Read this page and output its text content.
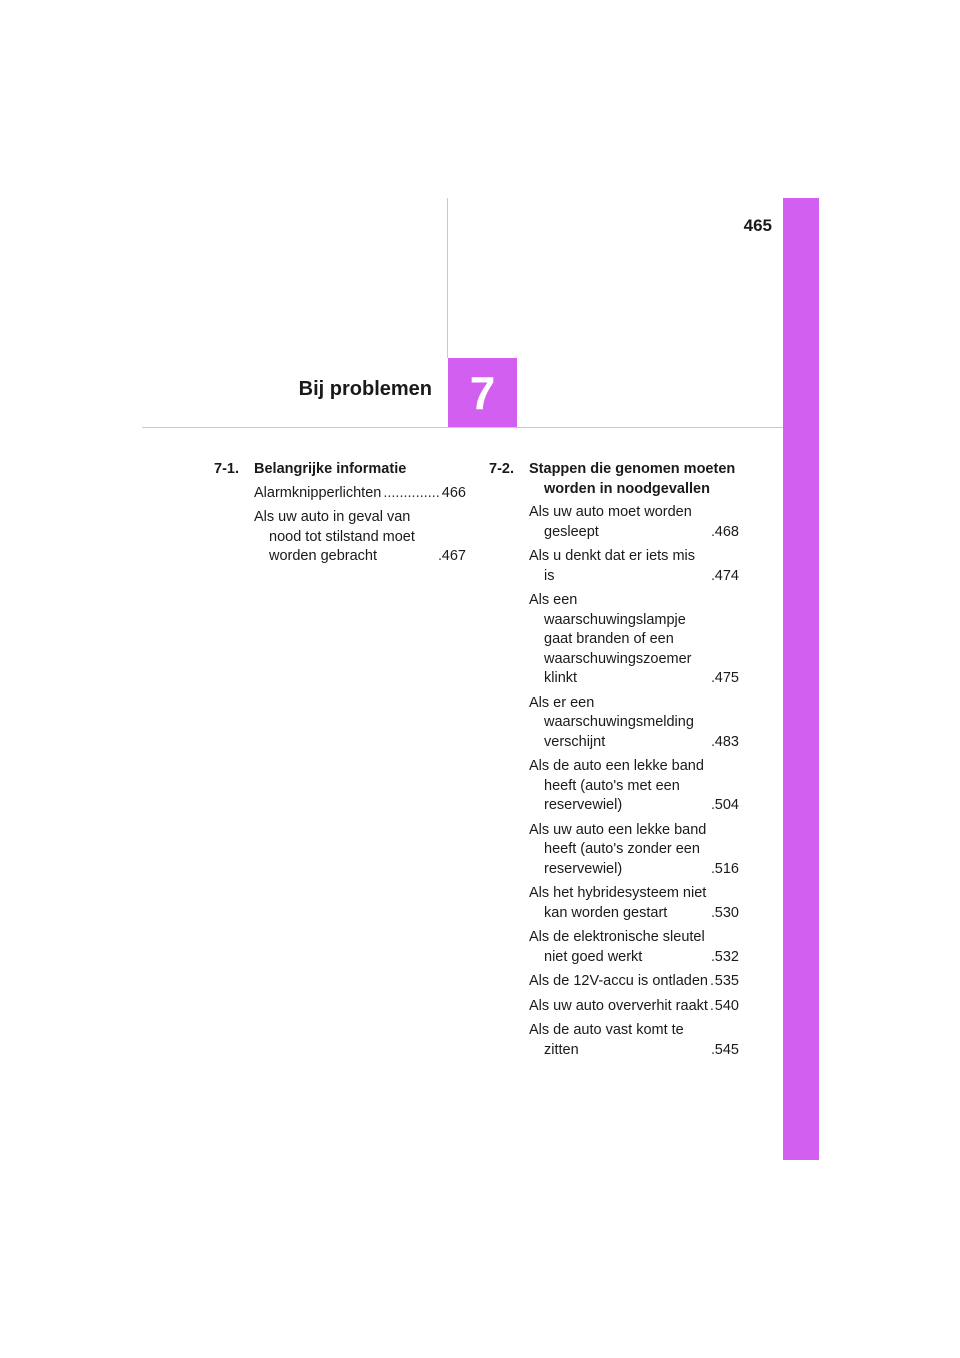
465
Bij problemen 7
7-1.	Belangrijke informatie
Alarmknipperlichten .....	466
Als uw auto in geval van nood tot stilstand moet worden gebracht .....	467
7-2.	Stappen die genomen moeten worden in noodgevallen
Als uw auto moet worden gesleept .....	468
Als u denkt dat er iets mis is .....	474
Als een waarschuwingslampje gaat branden of een waarschuwingszoemer klinkt .....	475
Als er een waarschuwingsmelding verschijnt .....	483
Als de auto een lekke band heeft (auto's met een reservewiel) .....	504
Als uw auto een lekke band heeft (auto's zonder een reservewiel) .....	516
Als het hybridesysteem niet kan worden gestart .....	530
Als de elektronische sleutel niet goed werkt .....	532
Als de 12V-accu is ontladen ..... 535
Als uw auto oververhit raakt ..... 540
Als de auto vast komt te zitten .....	545
